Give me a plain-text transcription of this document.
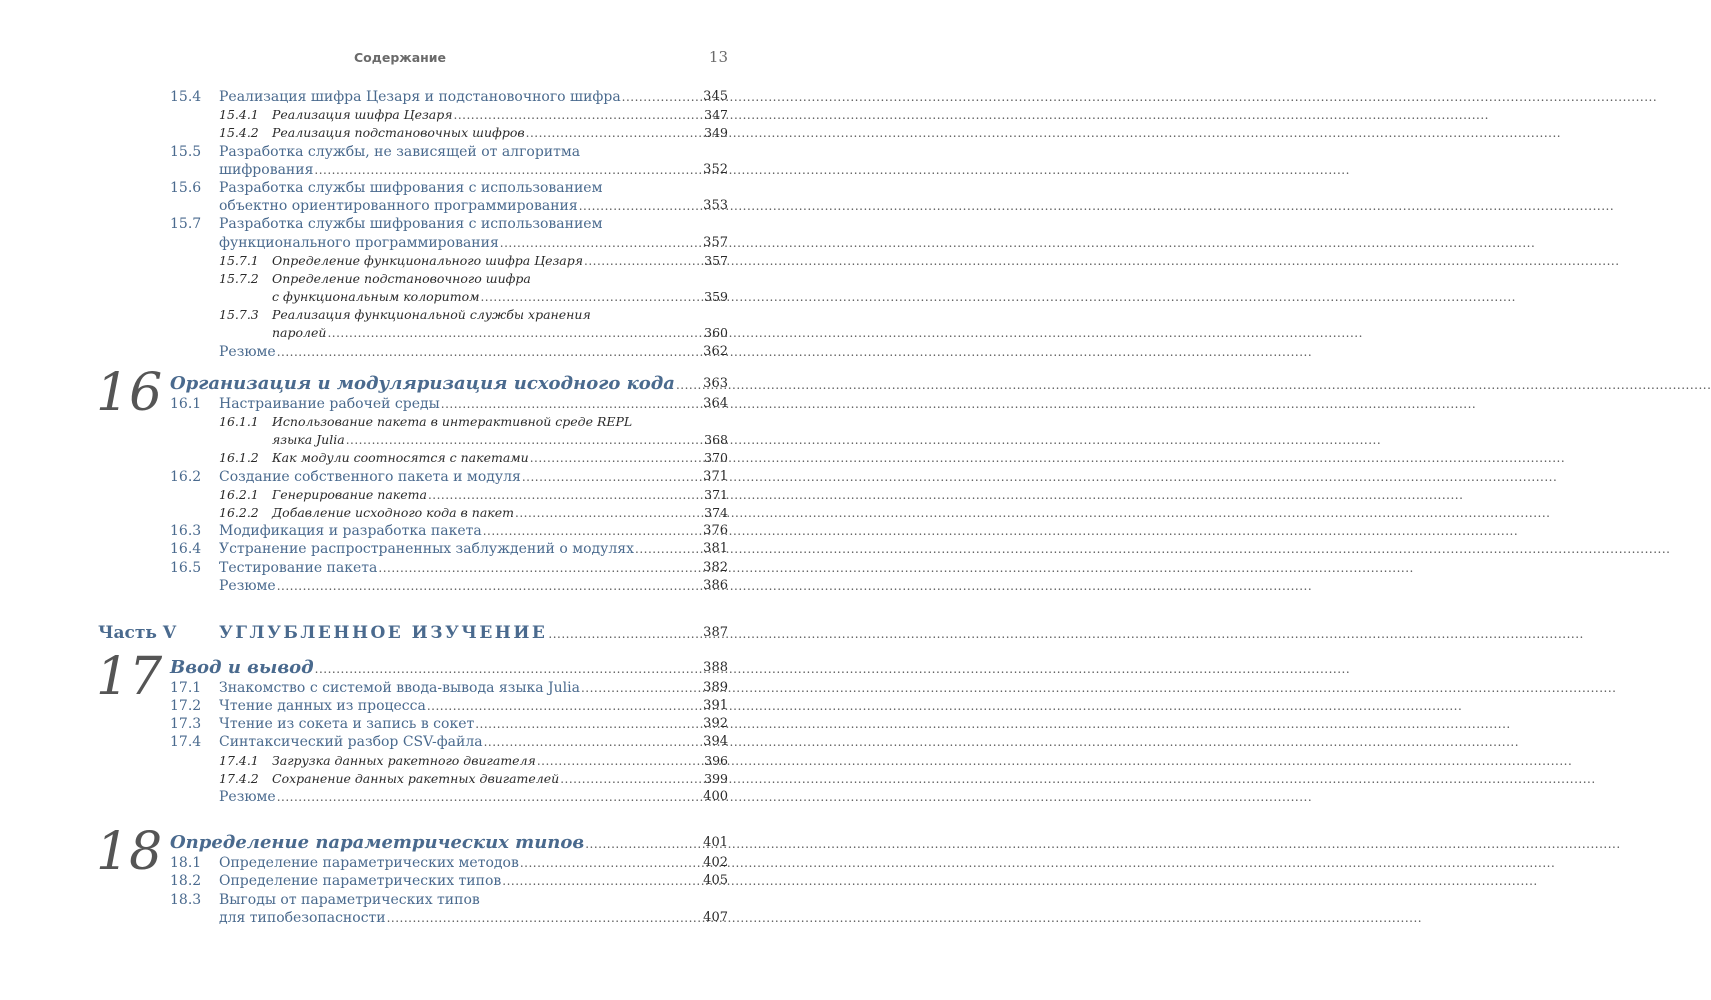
Содержание	13
15.4 Реализация шифра Цезаря и подстановочного шифра .....	345
15.4.1 Реализация шифра Цезаря .....	347
15.4.2 Реализация подстановочных шифров .....	349
15.5 Разработка службы, не зависящей от алгоритма
шифрования .....	352
15.6 Разработка службы шифрования с использованием
объектно ориентированного программирования .....	353
15.7 Разработка службы шифрования с использованием
функционального программирования .....	357
15.7.1 Определение функционального шифра Цезаря .....	357
15.7.2 Определение подстановочного шифра
с функциональным колоритом .....	359
15.7.3 Реализация функциональной службы хранения
паролей .....	360
Резюме .....	362
16 Организация и модуляризация исходного кода .....	363
16.1 Настраивание рабочей среды .....	364
16.1.1 Использование пакета в интерактивной среде REPL
языка Julia .....	368
16.1.2 Как модули соотносятся с пакетами .....	370
16.2 Создание собственного пакета и модуля .....	371
16.2.1 Генерирование пакета .....	371
16.2.2 Добавление исходного кода в пакет .....	374
16.3 Модификация и разработка пакета .....	376
16.4 Устранение распространенных заблуждений о модулях .....	381
16.5 Тестирование пакета .....	382
Резюме .....	386
Часть V	УГЛУБЛЕННОЕ ИЗУЧЕНИЕ .....	387
17 Ввод и вывод .....	388
17.1 Знакомство с системой ввода-вывода языка Julia .....	389
17.2 Чтение данных из процесса .....	391
17.3 Чтение из сокета и запись в сокет .....	392
17.4 Синтаксический разбор CSV-файла .....	394
17.4.1 Загрузка данных ракетного двигателя .....	396
17.4.2 Сохранение данных ракетных двигателей .....	399
Резюме .....	400
18 Определение параметрических типов .....	401
18.1 Определение параметрических методов .....	402
18.2 Определение параметрических типов .....	405
18.3 Выгоды от параметрических типов
для типобезопасности .....	407
